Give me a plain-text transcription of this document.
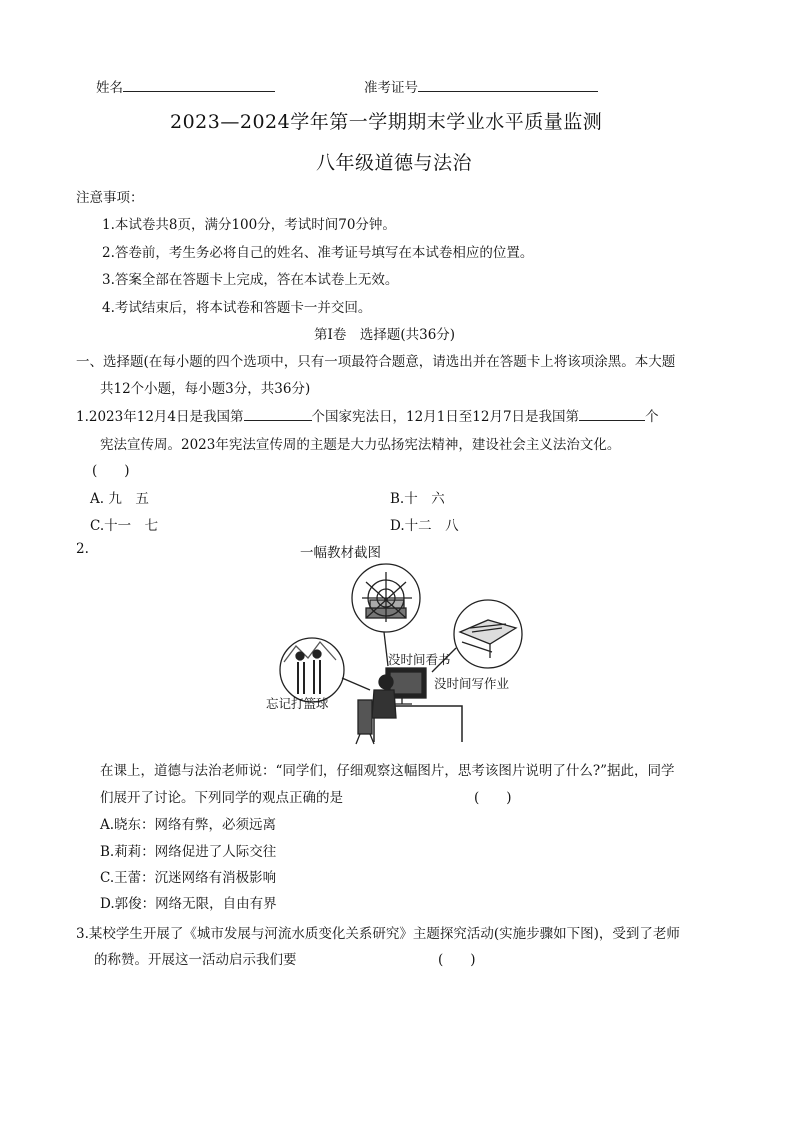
姓名	准考证号
2023—2024学年第一学期期末学业水平质量监测
八年级道德与法治
注意事项：
1.本试卷共8页，满分100分，考试时间70分钟。
2.答卷前，考生务必将自己的姓名、准考证号填写在本试卷相应的位置。
3.答案全部在答题卡上完成，答在本试卷上无效。
4.考试结束后，将本试卷和答题卡一并交回。
第Ⅰ卷　选择题(共36分)
一、选择题(在每小题的四个选项中，只有一项最符合题意，请选出并在答题卡上将该项涂黑。本大题
共12个小题，每小题3分，共36分)
1.2023年12月4日是我国第	个国家宪法日，12月1日至12月7日是我国第	个
宪法宣传周。2023年宪法宣传周的主题是大力弘扬宪法精神，建设社会主义法治文化。
(　　)
A. 九　五	B.十　六
C.十一　七	D.十二　八
2.	一幅教材截图
没时间看书
没时间写作业
忘记打篮球
在课上，道德与法治老师说：“同学们，仔细观察这幅图片，思考该图片说明了什么?”据此，同学
们展开了讨论。下列同学的观点正确的是	(　　)
A.晓东：网络有弊，必须远离
B.莉莉：网络促进了人际交往
C.王蕾：沉迷网络有消极影响
D.郭俊：网络无限，自由有界
3.某校学生开展了《城市发展与河流水质变化关系研究》主题探究活动(实施步骤如下图)，受到了老师
的称赞。开展这一活动启示我们要	(　　)
